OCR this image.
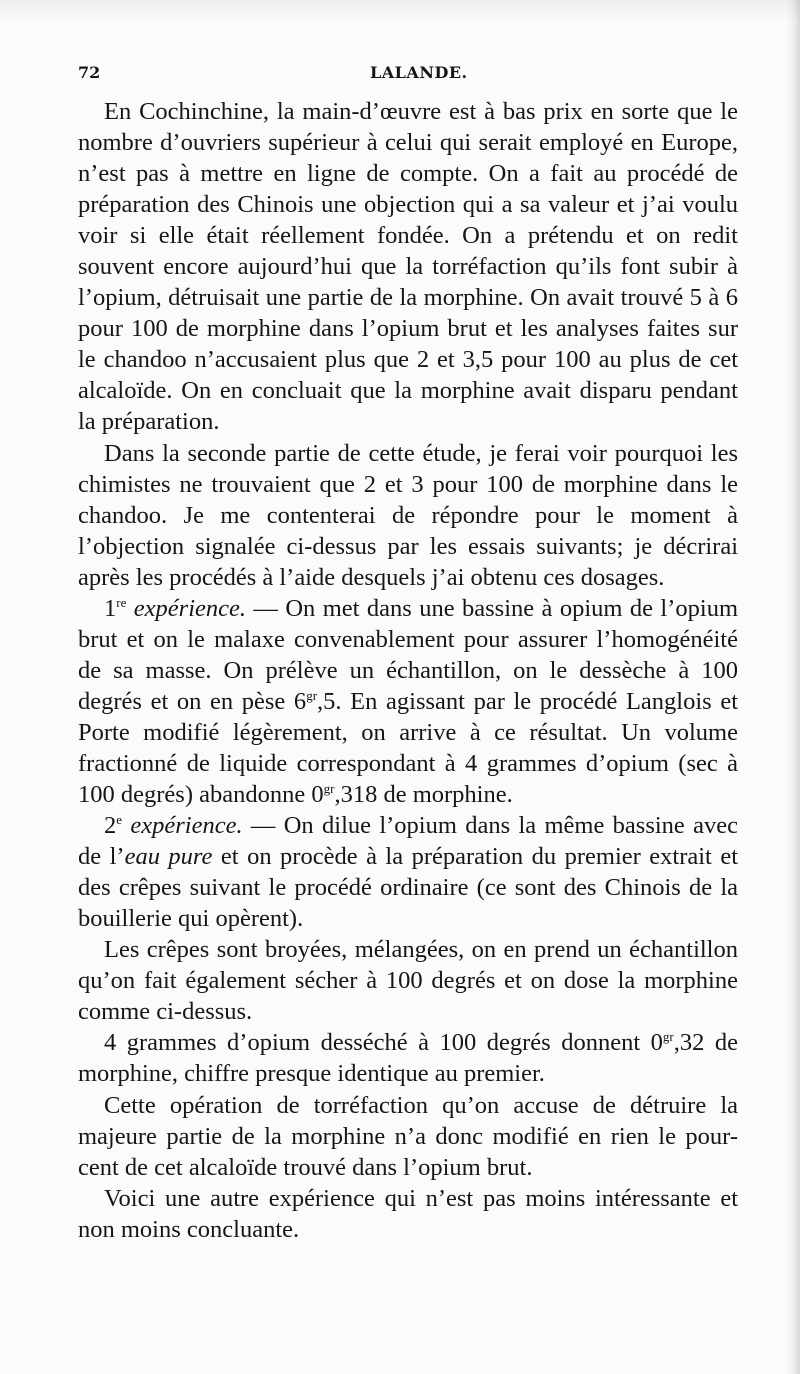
72	LALANDE.

En Cochinchine, la main-d’œuvre est à bas prix en sorte que le nombre d’ouvriers supérieur à celui qui serait employé en Europe, n’est pas à mettre en ligne de compte. On a fait au procédé de préparation des Chinois une objection qui a sa valeur et j’ai voulu voir si elle était réellement fondée. On a prétendu et on redit souvent encore aujourd’hui que la torréfaction qu’ils font subir à l’opium, détruisait une partie de la morphine. On avait trouvé 5 à 6 pour 100 de morphine dans l’opium brut et les analyses faites sur le chandoo n’accusaient plus que 2 et 3,5 pour 100 au plus de cet alcaloïde. On en concluait que la morphine avait disparu pendant la préparation.

Dans la seconde partie de cette étude, je ferai voir pourquoi les chimistes ne trouvaient que 2 et 3 pour 100 de morphine dans le chandoo. Je me contenterai de répondre pour le moment à l’objection signalée ci-dessus par les essais suivants; je décrirai après les procédés à l’aide desquels j’ai obtenu ces dosages.

1re expérience. — On met dans une bassine à opium de l’opium brut et on le malaxe convenablement pour assurer l’homogénéité de sa masse. On prélève un échantillon, on le dessèche à 100 degrés et on en pèse $6^{gr},5$. En agissant par le procédé Langlois et Porte modifié légèrement, on arrive à ce résultat. Un volume fractionné de liquide correspondant à 4 grammes d’opium (sec à 100 degrés) abandonne $0^{gr},318$ de morphine.

2e expérience. — On dilue l’opium dans la même bassine avec de l’eau pure et on procède à la préparation du premier extrait et des crêpes suivant le procédé ordinaire (ce sont des Chinois de la bouillerie qui opèrent).

Les crêpes sont broyées, mélangées, on en prend un échantillon qu’on fait également sécher à 100 degrés et on dose la morphine comme ci-dessus.

4 grammes d’opium desséché à 100 degrés donnent $0^{gr},32$ de morphine, chiffre presque identique au premier.

Cette opération de torréfaction qu’on accuse de détruire la majeure partie de la morphine n’a donc modifié en rien le pour-cent de cet alcaloïde trouvé dans l’opium brut.

Voici une autre expérience qui n’est pas moins intéressante et non moins concluante.
